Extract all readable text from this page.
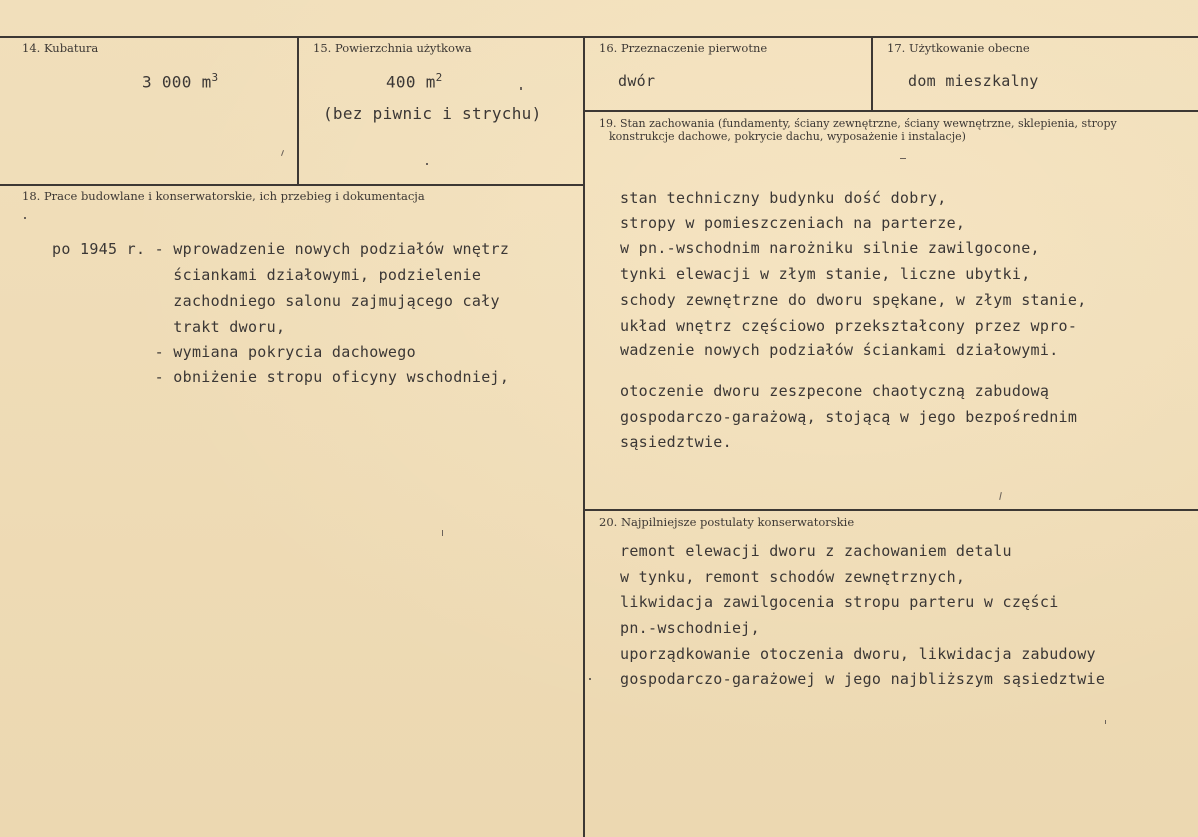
14. Kubatura
3 000 $m^3$
15. Powierzchnia użytkowa
400 $m^2$
(bez piwnic i strychu)
16. Przeznaczenie pierwotne
dwór
17. Użytkowanie obecne
dom mieszkalny
18. Prace budowlane i konserwatorskie, ich przebieg i dokumentacja
po 1945 r. - wprowadzenie nowych podziałów wnętrz
ściankami działowymi, podzielenie
zachodniego salonu zajmującego cały
trakt dworu,
- wymiana pokrycia dachowego
- obniżenie stropu oficyny wschodniej,
19. Stan zachowania (fundamenty, ściany zewnętrzne, ściany wewnętrzne, sklepienia, stropy
konstrukcje dachowe, pokrycie dachu, wyposażenie i instalacje)
stan techniczny budynku dość dobry,
stropy w pomieszczeniach na parterze,
w pn.-wschodnim narożniku silnie zawilgocone,
tynki elewacji w złym stanie, liczne ubytki,
schody zewnętrzne do dworu spękane, w złym stanie,
układ wnętrz częściowo przekształcony przez wpro-
wadzenie nowych podziałów ściankami działowymi.
otoczenie dworu zeszpecone chaotyczną zabudową
gospodarczo-garażową, stojącą w jego bezpośrednim
sąsiedztwie.
20. Najpilniejsze postulaty konserwatorskie
remont elewacji dworu z zachowaniem detalu
w tynku, remont schodów zewnętrznych,
likwidacja zawilgocenia stropu parteru w części
pn.-wschodniej,
uporządkowanie otoczenia dworu, likwidacja zabudowy
gospodarczo-garażowej w jego najbliższym sąsiedztwie
